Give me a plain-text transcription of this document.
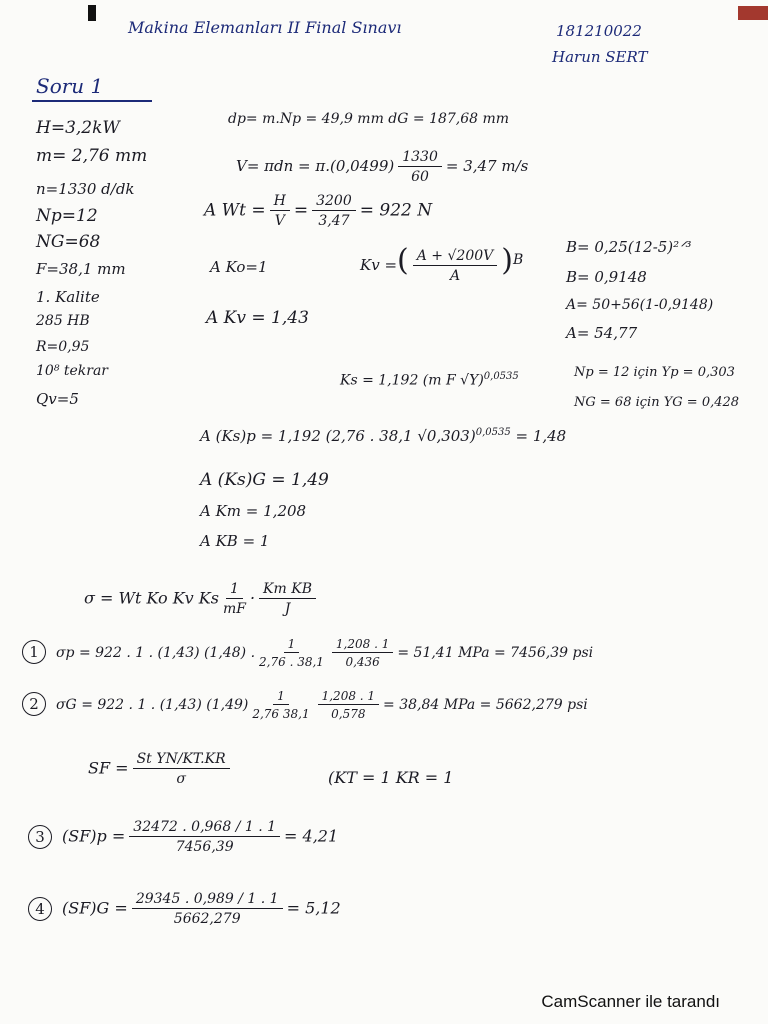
Makina Elemanları II Final Sınavı	181210022
Harun SERT
Soru 1
H=3,2kW
m= 2,76 mm
n=1330 d/dk
Np=12
NG=68
F=38,1 mm
1. Kalite
285 HB
R=0,95
10⁸ tekrar
Qv=5
dp= m.Np = 49,9 mm dG = 187,68 mm
$V= \pi dn = \pi.(0,0499) \frac{1330}{60} = 3,47$ m/s
A $Wt = \frac{H}{V} = \frac{3200}{3,47} = 922$ N
A Ko=1	Kv =( $\frac{A + √200V}{A} )^B$
B= 0,25(12-5)²ᐟ³
B= 0,9148
A= 50+56(1-0,9148)
A= 54,77
A Kv = 1,43
Ks = 1,192 (m F √Y)$^{0,0535}$	Np = 12 için Yp = 0,303
NG = 68 için YG = 0,428
A (Ks)p = 1,192 (2,76 . 38,1 √0,303)$^{0,0535}$ = 1,48
A (Ks)G = 1,49
A Km = 1,208
A KB = 1
σ = Wt Ko Kv Ks $\frac{1}{mF} \cdot \frac{\text{Km KB}}{J}$
1 σp = 922 . 1 . (1,43) (1,48) . $\frac{1}{2,76 . 38,1} \frac{1,208 . 1}{0,436} = 51,41$ MPa = 7456,39 psi
2 σG = 922 . 1 . (1,43) $(1,49) \frac{1}{2,76 38,1} \frac{1,208 . 1}{0,578} = 38,84$ MPa = 5662,279 psi
SF = $\frac{\text{St YN/KT.KR}}{\sigma}$	(KT = 1 KR = 1
3 $(SF)p = \frac{32472 . 0,968 / 1 . 1}{7456,39} = 4,21$
4 $(SF)G = \frac{29345 . 0,989 / 1 . 1}{5662,279} = 5,12$
CamScanner ile tarandı
